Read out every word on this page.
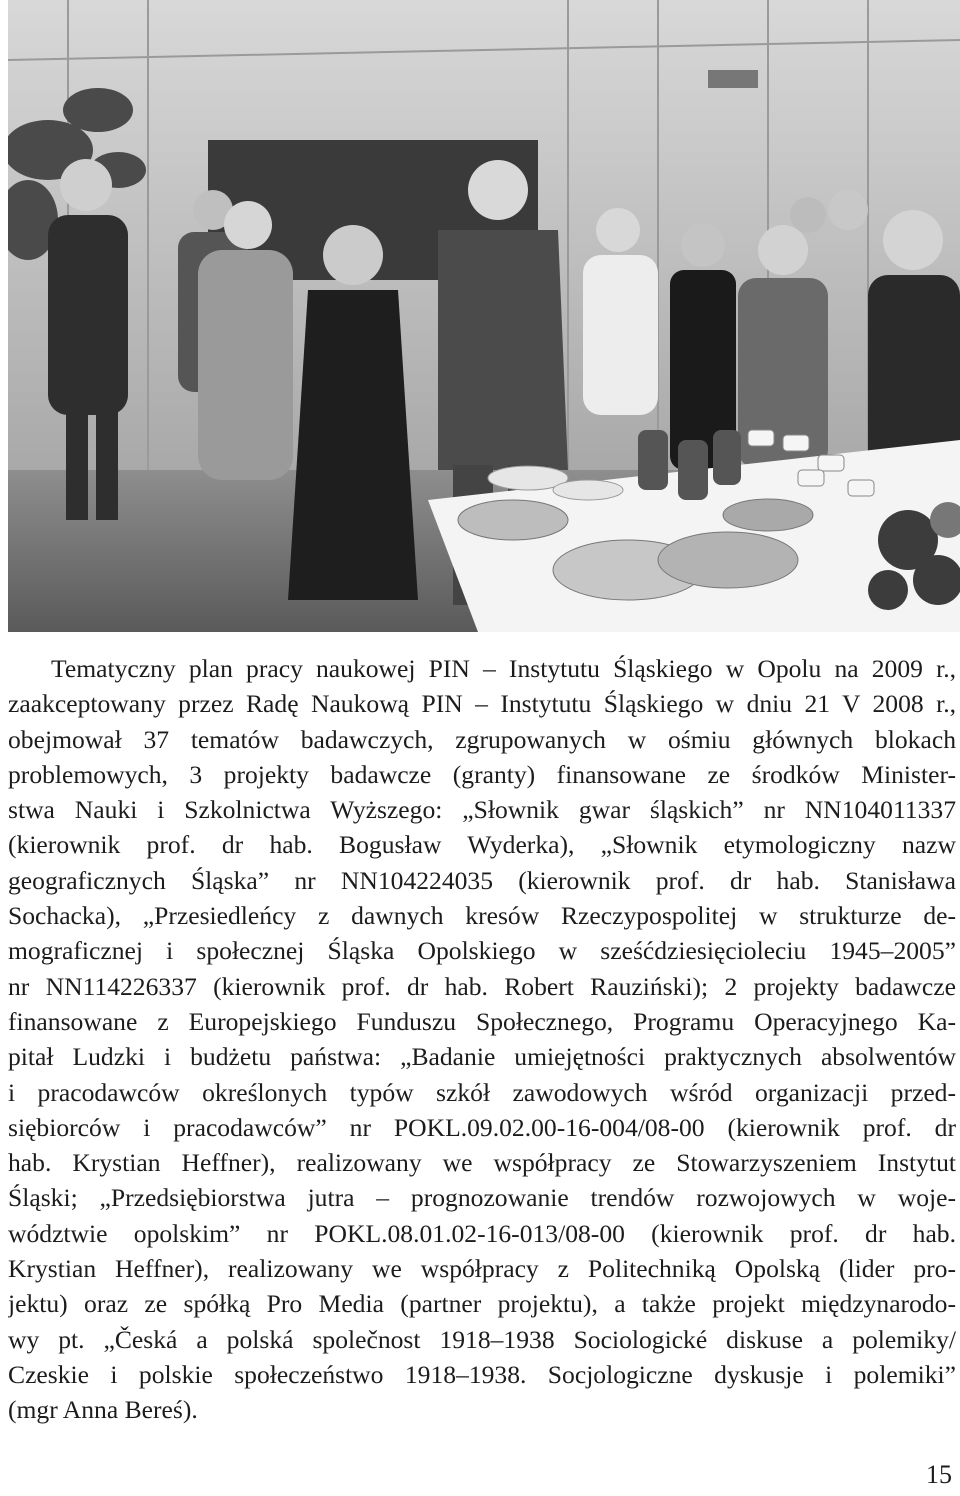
Tematyczny plan pracy naukowej PIN – Instytutu Śląskiego w Opolu na 2009 r.,
zaakceptowany przez Radę Naukową PIN – Instytutu Śląskiego w dniu 21 V 2008 r.,
obejmował 37 tematów badawczych, zgrupowanych w ośmiu głównych blokach
problemowych, 3 projekty badawcze (granty) finansowane ze środków Minister-
stwa Nauki i Szkolnictwa Wyższego: „Słownik gwar śląskich” nr NN104011337
(kierownik prof. dr hab. Bogusław Wyderka), „Słownik etymologiczny nazw
geograficznych Śląska” nr NN104224035 (kierownik prof. dr hab. Stanisława
Sochacka), „Przesiedleńcy z dawnych kresów Rzeczypospolitej w strukturze de-
mograficznej i społecznej Śląska Opolskiego w sześćdziesięcioleciu 1945–2005”
nr NN114226337 (kierownik prof. dr hab. Robert Rauziński); 2 projekty badawcze
finansowane z Europejskiego Funduszu Społecznego, Programu Operacyjnego Ka-
pitał Ludzki i budżetu państwa: „Badanie umiejętności praktycznych absolwentów
i pracodawców określonych typów szkół zawodowych wśród organizacji przed-
siębiorców i pracodawców” nr POKL.09.02.00-16-004/08-00 (kierownik prof. dr
hab. Krystian Heffner), realizowany we współpracy ze Stowarzyszeniem Instytut
Śląski; „Przedsiębiorstwa jutra – prognozowanie trendów rozwojowych w woje-
wództwie opolskim” nr POKL.08.01.02-16-013/08-00 (kierownik prof. dr hab.
Krystian Heffner), realizowany we współpracy z Politechniką Opolską (lider pro-
jektu) oraz ze spółką Pro Media (partner projektu), a także projekt międzynarodo-
wy pt. „Česká a polská společnost 1918–1938 Sociologické diskuse a polemiky/
Czeskie i polskie społeczeństwo 1918–1938. Socjologiczne dyskusje i polemiki”
(mgr Anna Bereś).
15
